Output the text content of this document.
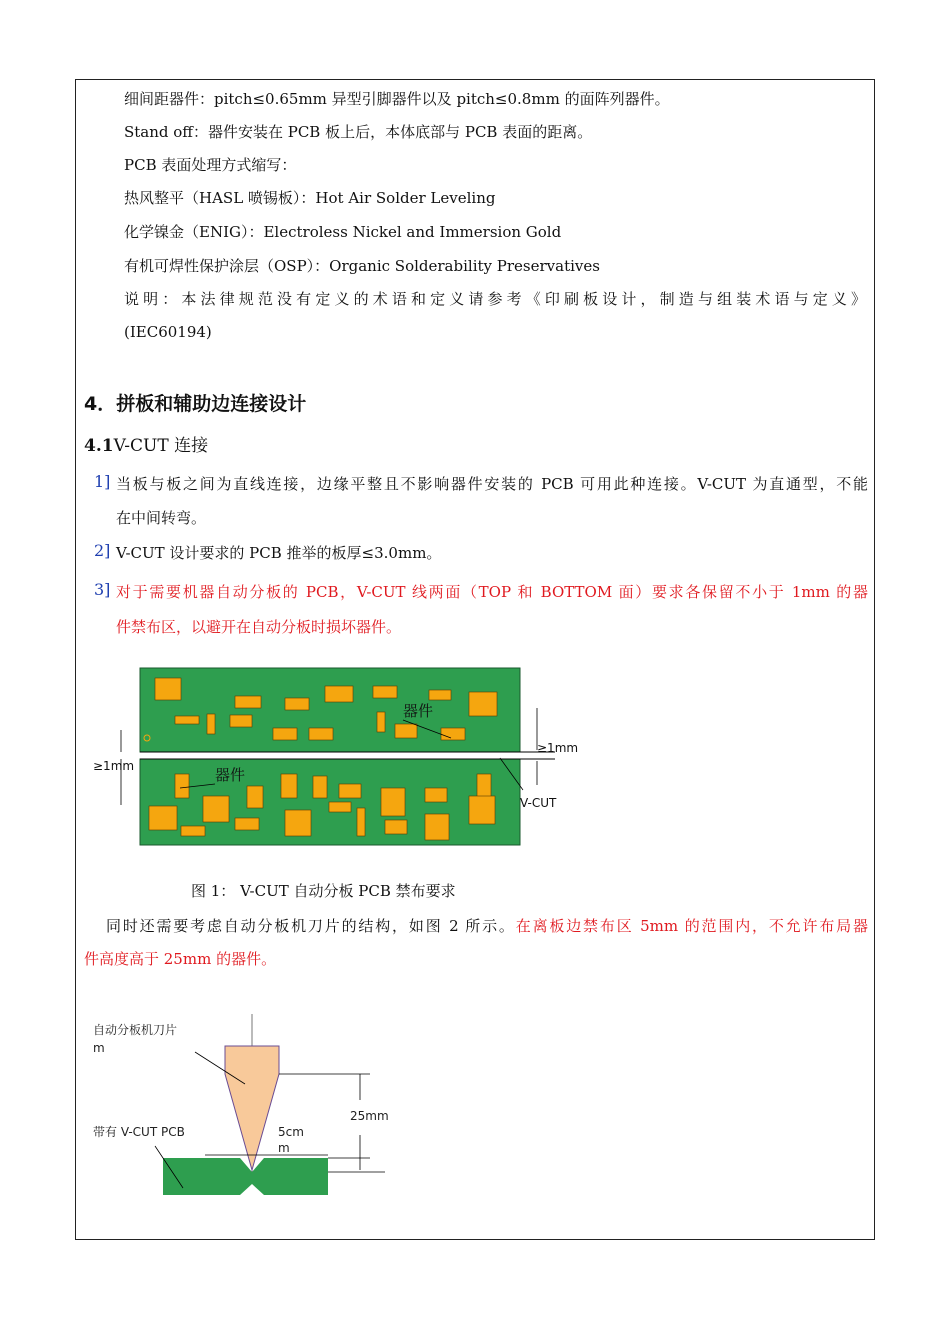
细间距器件：pitch≤0.65mm 异型引脚器件以及 pitch≤0.8mm 的面阵列器件。
Stand off：器件安装在 PCB 板上后，本体底部与 PCB 表面的距离。
PCB 表面处理方式缩写：
热风整平（HASL 喷锡板）：Hot Air Solder Leveling
化学镍金（ENIG）：Electroless Nickel and Immersion Gold
有机可焊性保护涂层（OSP）：Organic Solderability Preservatives
说明：本法律规范没有定义的术语和定义请参考《印刷板设计，制造与组装术语与定义》
(IEC60194)
4．拼板和辅助边连接设计
4.1V-CUT 连接
1] 当板与板之间为直线连接，边缘平整且不影响器件安装的 PCB 可用此种连接。V-CUT 为直通型，不能
在中间转弯。
2] V-CUT 设计要求的 PCB 推举的板厚≤3.0mm。
3] 对于需要机器自动分板的 PCB，V-CUT 线两面（TOP 和 BOTTOM 面）要求各保留不小于 1mm 的器
件禁布区，以避开在自动分板时损坏器件。
器件
器件
≥1mm
≥1mm
V-CUT
图 1： V-CUT 自动分板 PCB 禁布要求
同时还需要考虑自动分板机刀片的结构，如图 2 所示。在离板边禁布区 5mm 的范围内，不允许布局器
件高度高于 25mm 的器件。
自动分板机刀片
m
带有 V-CUT PCB	5cm
m
25mm
